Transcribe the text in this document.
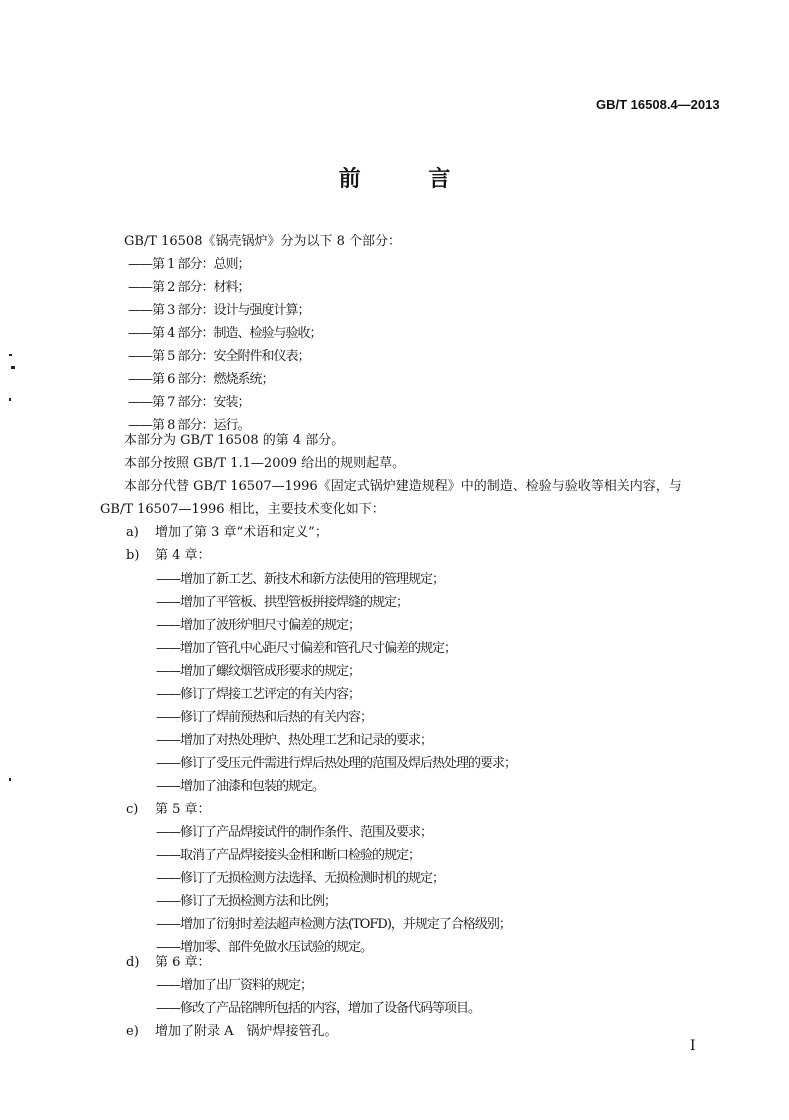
GB/T 16508.4—2013
前 言
GB/T 16508《锅壳锅炉》分为以下 8 个部分：
——第 1 部分：总则；
——第 2 部分：材料；
——第 3 部分：设计与强度计算；
——第 4 部分：制造、检验与验收；
——第 5 部分：安全附件和仪表；
——第 6 部分：燃烧系统；
——第 7 部分：安装；
——第 8 部分：运行。
本部分为 GB/T 16508 的第 4 部分。
本部分按照 GB/T 1.1—2009 给出的规则起草。
本部分代替 GB/T 16507—1996《固定式锅炉建造规程》中的制造、检验与验收等相关内容，与
GB/T 16507—1996 相比，主要技术变化如下：
a) 增加了第 3 章“术语和定义”；
b) 第 4 章：
——增加了新工艺、新技术和新方法使用的管理规定；
——增加了平管板、拱型管板拼接焊缝的规定；
——增加了波形炉胆尺寸偏差的规定；
——增加了管孔中心距尺寸偏差和管孔尺寸偏差的规定；
——增加了螺纹烟管成形要求的规定；
——修订了焊接工艺评定的有关内容；
——修订了焊前预热和后热的有关内容；
——增加了对热处理炉、热处理工艺和记录的要求；
——修订了受压元件需进行焊后热处理的范围及焊后热处理的要求；
——增加了油漆和包装的规定。
c) 第 5 章：
——修订了产品焊接试件的制作条件、范围及要求；
——取消了产品焊接接头金相和断口检验的规定；
——修订了无损检测方法选择、无损检测时机的规定；
——修订了无损检测方法和比例；
——增加了衍射时差法超声检测方法(TOFD)，并规定了合格级别；
——增加零、部件免做水压试验的规定。
d) 第 6 章：
——增加了出厂资料的规定；
——修改了产品铭牌所包括的内容，增加了设备代码等项目。
e) 增加了附录 A　锅炉焊接管孔。
I
